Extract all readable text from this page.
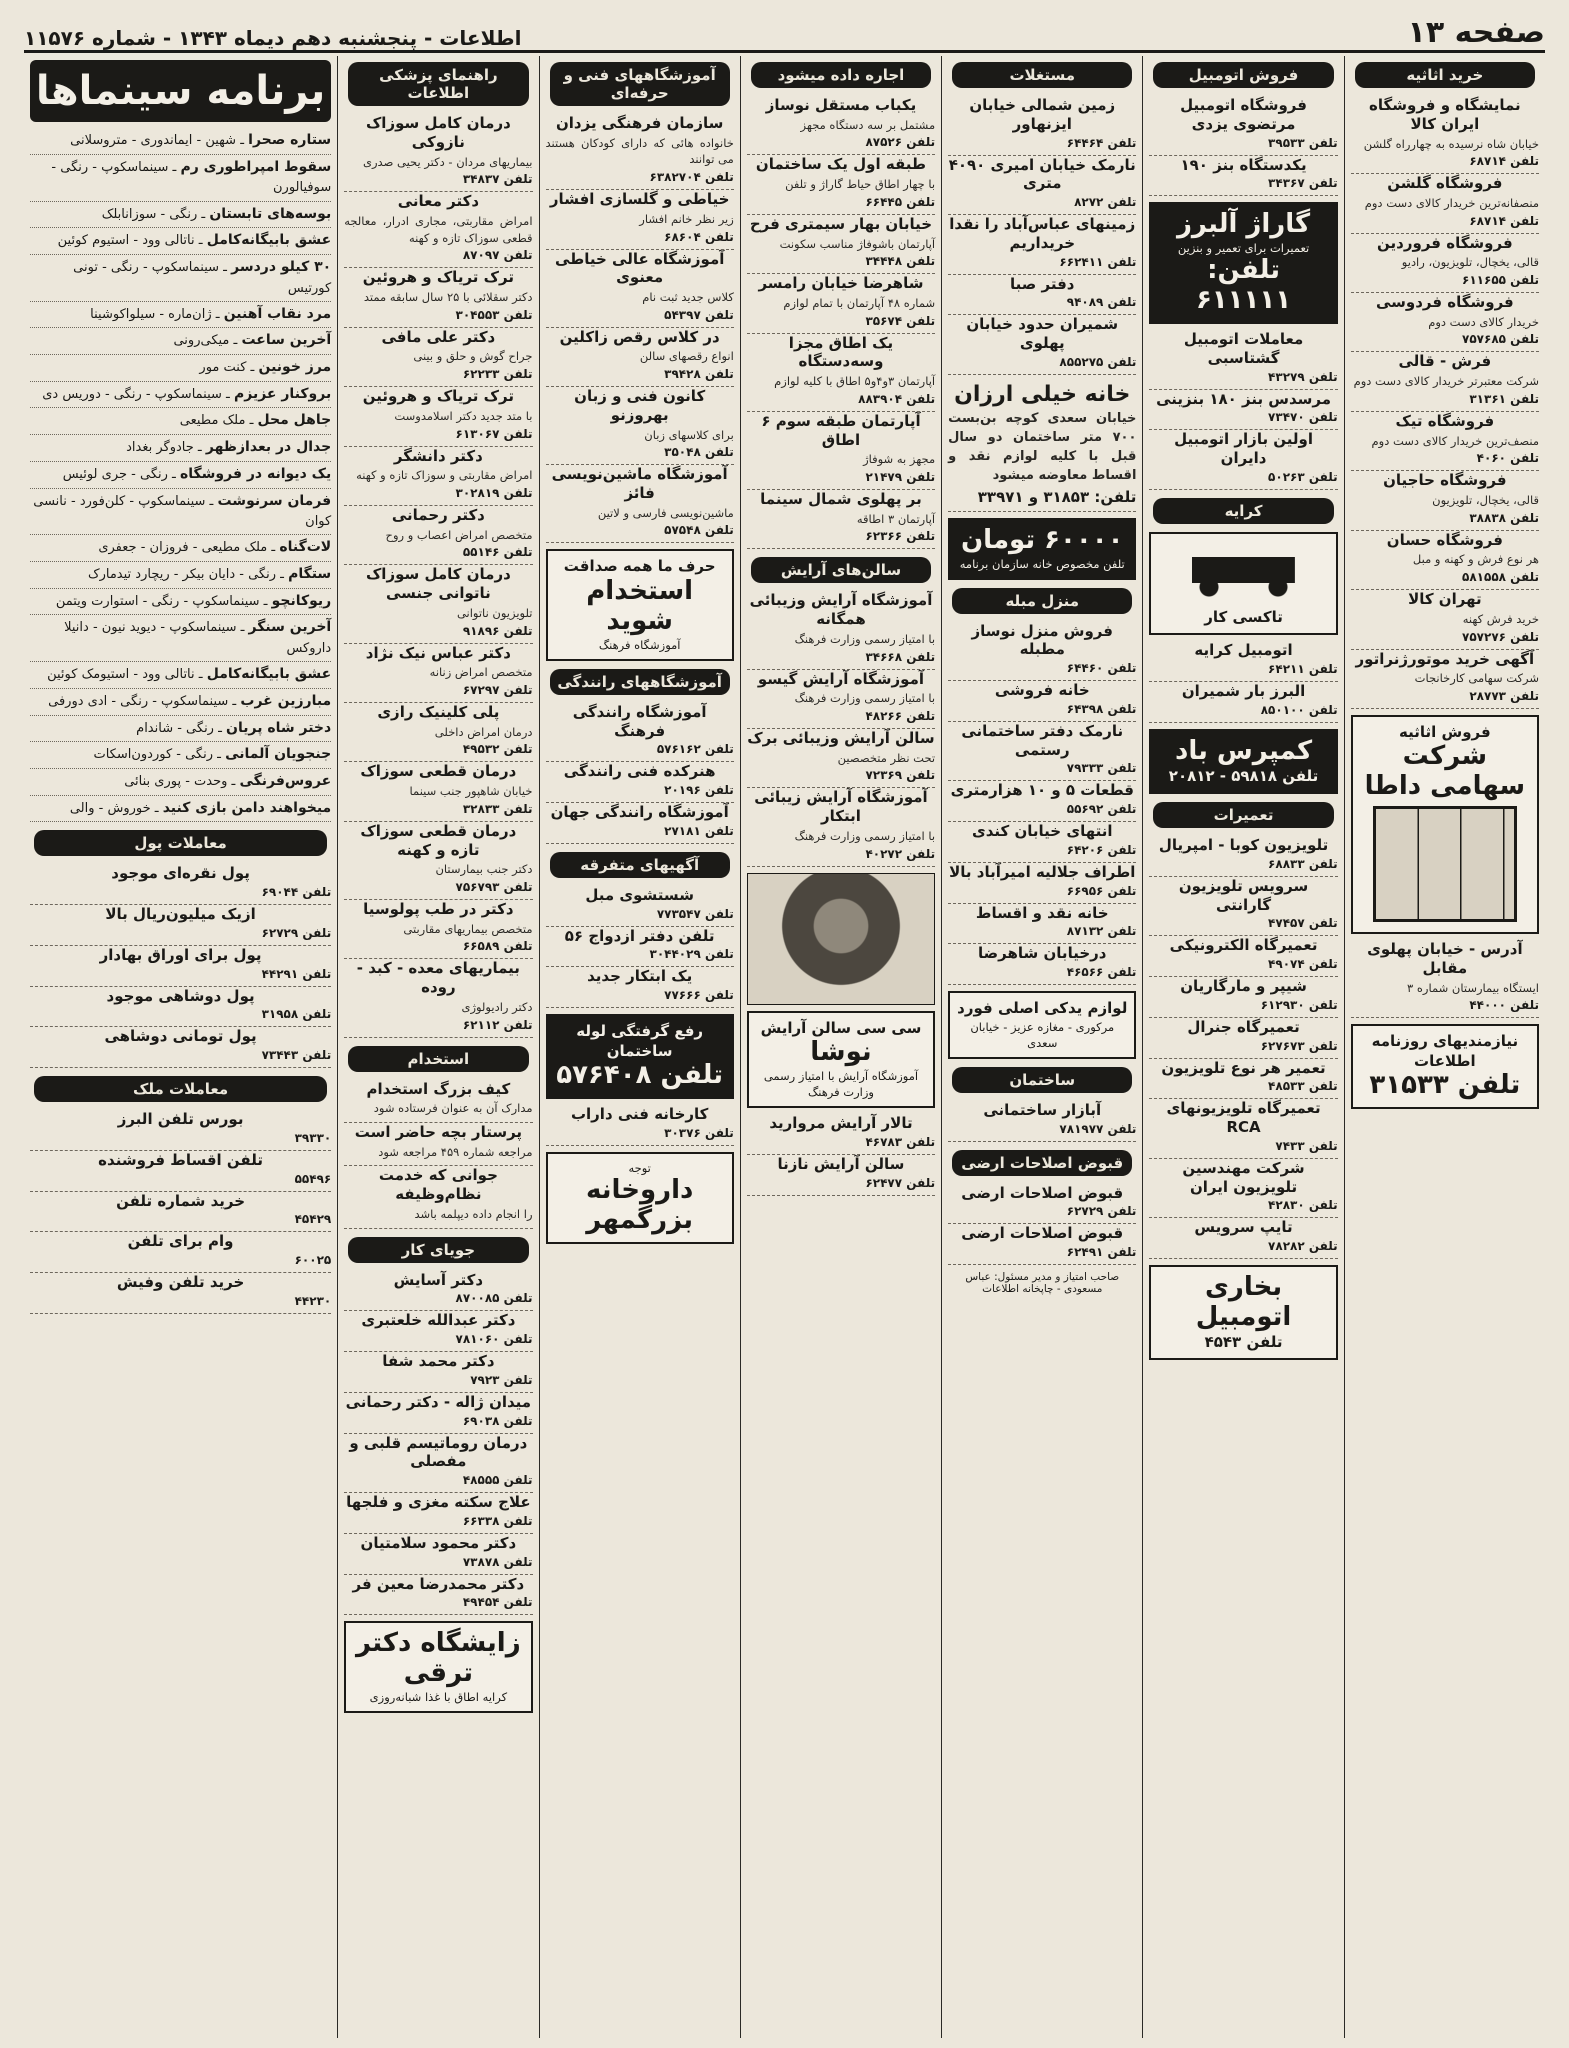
صفحه ۱۳
اطلاعات - پنجشنبه دهم دیماه ۱۳۴۳ - شماره ۱۱۵۷۶
خرید اثاثیه
نمایشگاه و فروشگاه ایران کالا

خیابان شاه نرسیده به چهارراه گلشن

تلفن ۶۸۷۱۴
فروشگاه گلشن

منصفانه‌ترین خریدار کالای دست دوم

تلفن ۶۸۷۱۴
فروشگاه فروردین

قالی، یخچال، تلویزیون، رادیو

تلفن ۶۱۱۶۵۵
فروشگاه فردوسی

خریدار کالای دست دوم

تلفن ۷۵۷۶۸۵
فرش - قالی

شرکت معتبرتر خریدار کالای دست دوم

تلفن ۳۱۳۶۱
فروشگاه تیک

منصف‌ترین خریدار کالای دست دوم

تلفن ۴۰۶۰
فروشگاه حاجیان

قالی، یخچال، تلویزیون

تلفن ۳۸۸۳۸
فروشگاه حسان

هر نوع فرش و کهنه و مبل

تلفن ۵۸۱۵۵۸
تهران کالا

خرید فرش کهنه

تلفن ۷۵۷۲۷۶
آگهی خرید موتورژنراتور

شرکت سهامی کارخانجات

تلفن ۲۸۷۷۳
فروش اثاثیه
شرکت سهامی داطا
آدرس - خیابان پهلوی مقابل

ایستگاه بیمارستان شماره ۳

تلفن ۴۴۰۰۰
نیازمندیهای روزنامه اطلاعات
تلفن ۳۱۵۳۳
فروش اتومبیل
فروشگاه اتومبیل مرتضوی یزدی
تلفن ۳۹۵۳۳
یکدستگاه بنز ۱۹۰
تلفن ۳۴۳۶۷
گاراژ آلبرز
تعمیرات برای تعمیر و بنزین
تلفن: ۶۱۱۱۱۱
معاملات اتومبیل گشتاسبی
تلفن ۴۳۲۷۹
مرسدس بنز ۱۸۰ بنزینی
تلفن ۷۳۴۷۰
اولین بازار اتومبیل دایران
تلفن ۵۰۲۶۳
کرایه
تاکسی کار
اتومبیل کرایه
تلفن ۶۴۲۱۱
البرز بار شمیران
تلفن ۸۵۰۱۰۰
کمپرس باد
تلفن ۵۹۸۱۸ - ۲۰۸۱۲
تعمیرات
تلویزیون کوبا - امپریال
تلفن ۶۸۸۳۳
سرویس تلویزیون گارانتی
تلفن ۴۷۴۵۷
تعمیرگاه الکترونیکی
تلفن ۴۹۰۷۴
شیپر و مارگاریان
تلفن ۶۱۲۹۳۰
تعمیرگاه جنرال
تلفن ۶۲۷۶۷۳
تعمیر هر نوع تلویزیون
تلفن ۴۸۵۳۳
تعمیرگاه تلویزیونهای RCA
تلفن ۷۴۳۳
شرکت مهندسین تلویزیون ایران
تلفن ۴۲۸۳۰
تایپ سرویس
تلفن ۷۸۲۸۲
بخاری اتومبیل
تلفن ۴۵۴۳
مستغلات
زمین شمالی خیابان ایزنهاور
تلفن ۶۴۴۶۴
نارمک خیابان امیری ۴۰۹۰ متری
تلفن ۸۲۷۲
زمینهای عباس‌آباد را نقدا خریداریم
تلفن ۶۶۲۴۱۱
دفتر صبا
تلفن ۹۴۰۸۹
شمیران حدود خیابان پهلوی
تلفن ۸۵۵۲۷۵
خانه خیلی ارزان

خیابان سعدی کوچه بن‌بست ۷۰۰ متر ساختمان دو سال قبل با کلیه لوازم نقد و اقساط معاوضه میشود

تلفن: ۳۱۸۵۳ و ۳۳۹۷۱
۶۰۰۰۰ تومان
تلفن مخصوص خانه سازمان برنامه
منزل مبله
فروش منزل نوساز مطبله
تلفن ۶۴۴۶۰
خانه فروشی
تلفن ۶۴۳۹۸
نارمک دفتر ساختمانی رستمی
تلفن ۷۹۳۳۳
قطعات ۵ و ۱۰ هزارمتری
تلفن ۵۵۶۹۲
انتهای خیابان کندی
تلفن ۶۴۲۰۶
اطراف جلالیه امیرآباد بالا
تلفن ۶۶۹۵۶
خانه نقد و اقساط
تلفن ۸۷۱۳۲
درخیابان شاهرضا
تلفن ۴۶۵۶۶
لوازم یدکی اصلی فورد
مرکوری - مغازه عزیز - خیابان سعدی
ساختمان
آبازار ساختمانی
تلفن ۷۸۱۹۷۷
قبوض اصلاحات ارضی
قبوض اصلاحات ارضی
تلفن ۶۲۷۲۹
قبوض اصلاحات ارضی
تلفن ۶۲۴۹۱
صاحب امتیاز و مدیر مسئول: عباس مسعودی - چاپخانه اطلاعات
اجاره داده میشود
یکباب مستقل نوساز

مشتمل بر سه دستگاه مجهز

تلفن ۸۷۵۲۶
طبقه اول یک ساختمان

با چهار اطاق حیاط گاراژ و تلفن

تلفن ۶۶۴۴۵
خیابان بهار سیمتری فرح

آپارتمان باشوفاژ مناسب سکونت

تلفن ۳۴۴۴۸
شاهرضا خیابان رامسر

شماره ۴۸ آپارتمان با تمام لوازم

تلفن ۳۵۶۷۴
یک اطاق مجزا وسه‌دستگاه

آپارتمان ۳و۴و۵ اطاق با کلیه لوازم

تلفن ۸۸۳۹۰۴
آپارتمان طبقه سوم ۶ اطاق

مجهز به شوفاژ

تلفن ۲۱۴۷۹
بر پهلوی شمال سینما

آپارتمان ۳ اطاقه

تلفن ۶۲۳۶۶
سالن‌های آرایش
آموزشگاه آرایش وزیبائی همگانه

با امتیاز رسمی وزارت فرهنگ

تلفن ۳۴۶۶۸
آموزشگاه آرایش گیسو

با امتیاز رسمی وزارت فرهنگ

تلفن ۴۸۲۶۶
سالن آرایش وزیبائی برک

تحت نظر متخصصین

تلفن ۷۲۳۶۹
آموزشگاه آرایش زیبائی ابتکار

با امتیاز رسمی وزارت فرهنگ

تلفن ۴۰۲۷۲
سی سی سالن آرایش
نوشا
آموزشگاه آرایش با امتیاز رسمی وزارت فرهنگ
تالار آرایش مروارید
تلفن ۴۶۷۸۳
سالن آرایش نازنا
تلفن ۶۲۴۷۷
آموزشگاههای فنی و حرفه‌ای
سازمان فرهنگی یزدان

خانواده هائی که دارای کودکان هستند می توانند

تلفن ۶۳۸۲۷۰۴
خیاطی و گلسازی افشار

زیر نظر خانم افشار

تلفن ۶۸۶۰۴
آموزشگاه عالی خیاطی معنوی

کلاس جدید ثبت نام

تلفن ۵۴۳۹۷
در کلاس رقص زاکلین

انواع رقصهای سالن

تلفن ۳۹۴۲۸
کانون فنی و زبان بهروزنو

برای کلاسهای زبان

تلفن ۳۵۰۴۸
آموزشگاه ماشین‌نویسی فائز

ماشین‌نویسی فارسی و لاتین

تلفن ۵۷۵۴۸
حرف ما همه صداقت
استخدام شوید
آموزشگاه فرهنگ
آموزشگاههای رانندگی
آموزشگاه رانندگی فرهنگ
تلفن ۵۷۶۱۶۲
هنرکده فنی رانندگی
تلفن ۲۰۱۹۶
آموزشگاه رانندگی جهان
تلفن ۲۷۱۸۱
آگهیهای متفرقه
شستشوی مبل
تلفن ۷۷۳۵۴۷
تلفن دفتر ازدواج ۵۶
تلفن ۳۰۴۴۰۲۹
یک ابتکار جدید
تلفن ۷۷۶۶۶
رفع گرفتگی لوله ساختمان
تلفن ۵۷۶۴۰۸
کارخانه فنی داراب
تلفن ۳۰۳۷۶
توجه
داروخانه بزرگمهر
راهنمای پزشکی اطلاعات
درمان کامل سوزاک نازوکی

بیماریهای مردان - دکتر یحیی صدری

تلفن ۳۴۸۳۷
دکتر معانی

امراض مقاربتی، مجاری ادرار، معالجه قطعی سوزاک تازه و کهنه

تلفن ۸۷۰۹۷
ترک تریاک و هروئین

دکتر سقلائی با ۲۵ سال سابقه ممتد

تلفن ۳۰۴۵۵۳
دکتر علی مافی

جراح گوش و حلق و بینی

تلفن ۶۲۲۳۳
ترک تریاک و هروئین

با متد جدید دکتر اسلامدوست

تلفن ۶۱۳۰۶۷
دکتر دانشگر

امراض مقاربتی و سوزاک تازه و کهنه

تلفن ۳۰۲۸۱۹
دکتر رحمانی

متخصص امراض اعصاب و روح

تلفن ۵۵۱۴۶
درمان کامل سوزاک ناتوانی جنسی

تلویزیون ناتوانی

تلفن ۹۱۸۹۶
دکتر عباس نیک نژاد

متخصص امراض زنانه

تلفن ۶۷۲۹۷
پلی کلینیک رازی

درمان امراض داخلی

تلفن ۴۹۵۳۲
درمان قطعی سوزاک

خیابان شاهپور جنب سینما

تلفن ۳۲۸۳۳
درمان قطعی سوزاک تازه و کهنه

دکتر جنب بیمارستان

تلفن ۷۵۶۷۹۳
دکتر در طب پولوسیا

متخصص بیماریهای مقاربتی

تلفن ۶۶۵۸۹
بیماریهای معده - کبد - روده

دکتر رادیولوژی

تلفن ۶۲۱۱۲
استخدام
کیف بزرگ استخدام

مدارک آن به عنوان فرستاده شود

پرستار بچه حاضر است

مراجعه شماره ۴۵۹ مراجعه شود

جوانی که خدمت نظام‌وظیفه

را انجام داده دیپلمه باشد

جویای کار
دکتر آسایش
تلفن ۸۷۰۰۸۵
دکتر عبدالله خلعتبری
تلفن ۷۸۱۰۶۰
دکتر محمد شفا
تلفن ۷۹۲۳
میدان ژاله - دکتر رحمانی
تلفن ۶۹۰۳۸
درمان روماتیسم قلبی و مفصلی
تلفن ۴۸۵۵۵
علاج سکته مغزی و فلجها
تلفن ۶۶۳۳۸
دکتر محمود سلامتیان
تلفن ۷۳۸۷۸
دکتر محمدرضا معین فر
تلفن ۴۹۴۵۴
زایشگاه دکتر ترقی
کرایه اطاق با غذا شبانه‌روزی
برنامه سینماها
ستاره صحرا ـ شهین - ایماندوری - متروسلانی
سقوط امپراطوری رم ـ سینماسکوپ - رنگی - سوفیالورن
بوسه‌های تابستان ـ رنگی - سوزانابلک
عشق بابیگانه‌کامل ـ ناتالی وود - استیوم کوئین
۳۰ کیلو دردسر ـ سینماسکوپ - رنگی - تونی کورتیس
مرد نقاب آهنین ـ ژان‌ماره - سیلواکوشینا
آخرین ساعت ـ میکی‌رونی
مرز خونین ـ کنت مور
بروکنار عزیزم ـ سینماسکوپ - رنگی - دوریس دی
جاهل محل ـ ملک مطیعی
جدال در بعدازظهر ـ جادوگر بغداد
یک دیوانه در فروشگاه ـ رنگی - جری لوئیس
فرمان سرنوشت ـ سینماسکوپ - کلن‌فورد - نانسی کوان
لات‌گناه ـ ملک مطیعی - فروزان - جعفری
ستگام ـ رنگی - دایان بیکر - ریچارد تیدمارک
ریوکانچو ـ سینماسکوپ - رنگی - استوارت ویتمن
آخرین سنگر ـ سینماسکوپ - دیوید نیون - دانیلا داروکس
عشق بابیگانه‌کامل ـ ناتالی وود - استیومک کوئین
مبارزین غرب ـ سینماسکوپ - رنگی - ادی دورفی
دختر شاه پریان ـ رنگی - شاندام
جنجویان آلمانی ـ رنگی - کوردون‌اسکات
عروس‌فرنگی ـ وحدت - پوری بنائی
میخواهند دامن بازی کنید ـ خوروش - والی
معاملات پول
پول نقره‌ای موجود
تلفن ۶۹۰۴۴
ازیک میلیون‌ریال بالا
تلفن ۶۲۷۲۹
پول برای اوراق بهادار
تلفن ۴۴۲۹۱
پول دوشاهی موجود
تلفن ۳۱۹۵۸
پول تومانی دوشاهی
تلفن ۷۳۴۴۳
معاملات ملک
بورس تلفن البرز
۳۹۳۳۰
تلفن اقساط فروشنده
۵۵۴۹۶
خرید شماره تلفن
۴۵۴۲۹
وام برای تلفن
۶۰۰۲۵
خرید تلفن وفیش
۴۴۲۳۰
